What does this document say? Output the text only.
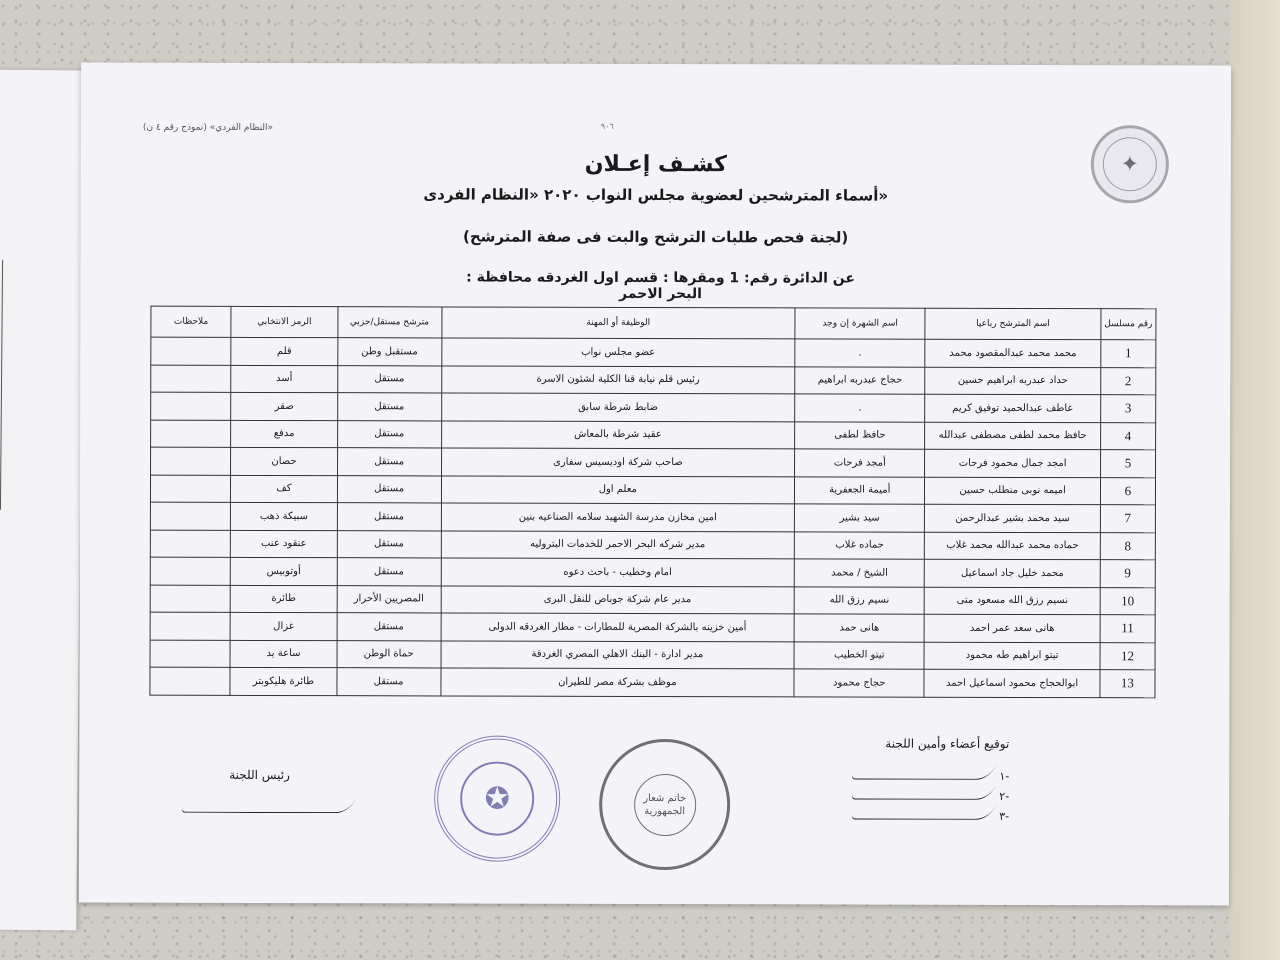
(نموذج رقم ٤ ن) «النظام الفردي»	٩٠٦
✦
كشـف إعـلان
أسماء المترشحين لعضوية مجلس النواب ٢٠٢٠ «النظام الفردى»
(لجنة فحص طلبات الترشح والبت فى صفة المترشح)
عن الدائرة رقم: 1 ومقرها : قسم اول الغردقه محافظة : البحر الاحمر
رقم مسلسل	اسم المترشح رباعيا	اسم الشهرة إن وجد	الوظيفة أو المهنة	مترشح مستقل/حزبي	الرمز الانتخابي	ملاحظات
1	محمد محمد عبدالمقصود محمد	.	عضو مجلس نواب	مستقبل وطن	قلم	
2	حداد عبدربه ابراهيم حسين	حجاج عبدربه ابراهيم	رئيس قلم نيابة قنا الكلية لشئون الاسرة	مستقل	أسد	
3	عاطف عبدالحميد توفيق كريم	.	ضابط شرطة سابق	مستقل	صقر	
4	حافظ محمد لطفى مصطفى عبدالله	حافظ لطفى	عقيد شرطة بالمعاش	مستقل	مدفع	
5	امجد جمال محمود فرحات	أمجد فرحات	صاحب شركة اوديسيس سفارى	مستقل	حصان	
6	اميمه نوبى منطلب حسين	أميمة الجعفرية	معلم اول	مستقل	كف	
7	سيد محمد بشير عبدالرحمن	سيد بشير	امين مخازن مدرسة الشهيد سلامه الصناعيه بنين	مستقل	سبيكة ذهب	
8	حماده محمد عبدالله محمد غلاب	حماده غلاب	مدير شركه البحر الاحمر للخدمات البتروليه	مستقل	عنقود عنب	
9	محمد خليل جاد اسماعيل	الشيخ / محمد	امام وخطيب - باحث دعوه	مستقل	أوتوبيس	
10	نسيم رزق الله مسعود متى	نسيم رزق الله	مدير عام شركة جوباص للنقل البرى	المصريين الأحرار	طائرة	
11	هانى سعد عمر احمد	هانى حمد	أمين خزينه بالشركة المصرية للمطارات - مطار الغردقه الدولى	مستقل	غزال	
12	تيتو ابراهيم طه محمود	تيتو الخطيب	مدير ادارة - البنك الاهلي المصري الغردقة	حماة الوطن	ساعة يد	
13	ابوالحجاج محمود اسماعيل احمد	حجاج محمود	موظف بشركة مصر للطيران	مستقل	طائرة هليكوبتر	
توقيع أعضاء وأمين اللجنة
-١
-٢
-٣
رئيس اللجنة
✪	خاتم شعار الجمهورية
